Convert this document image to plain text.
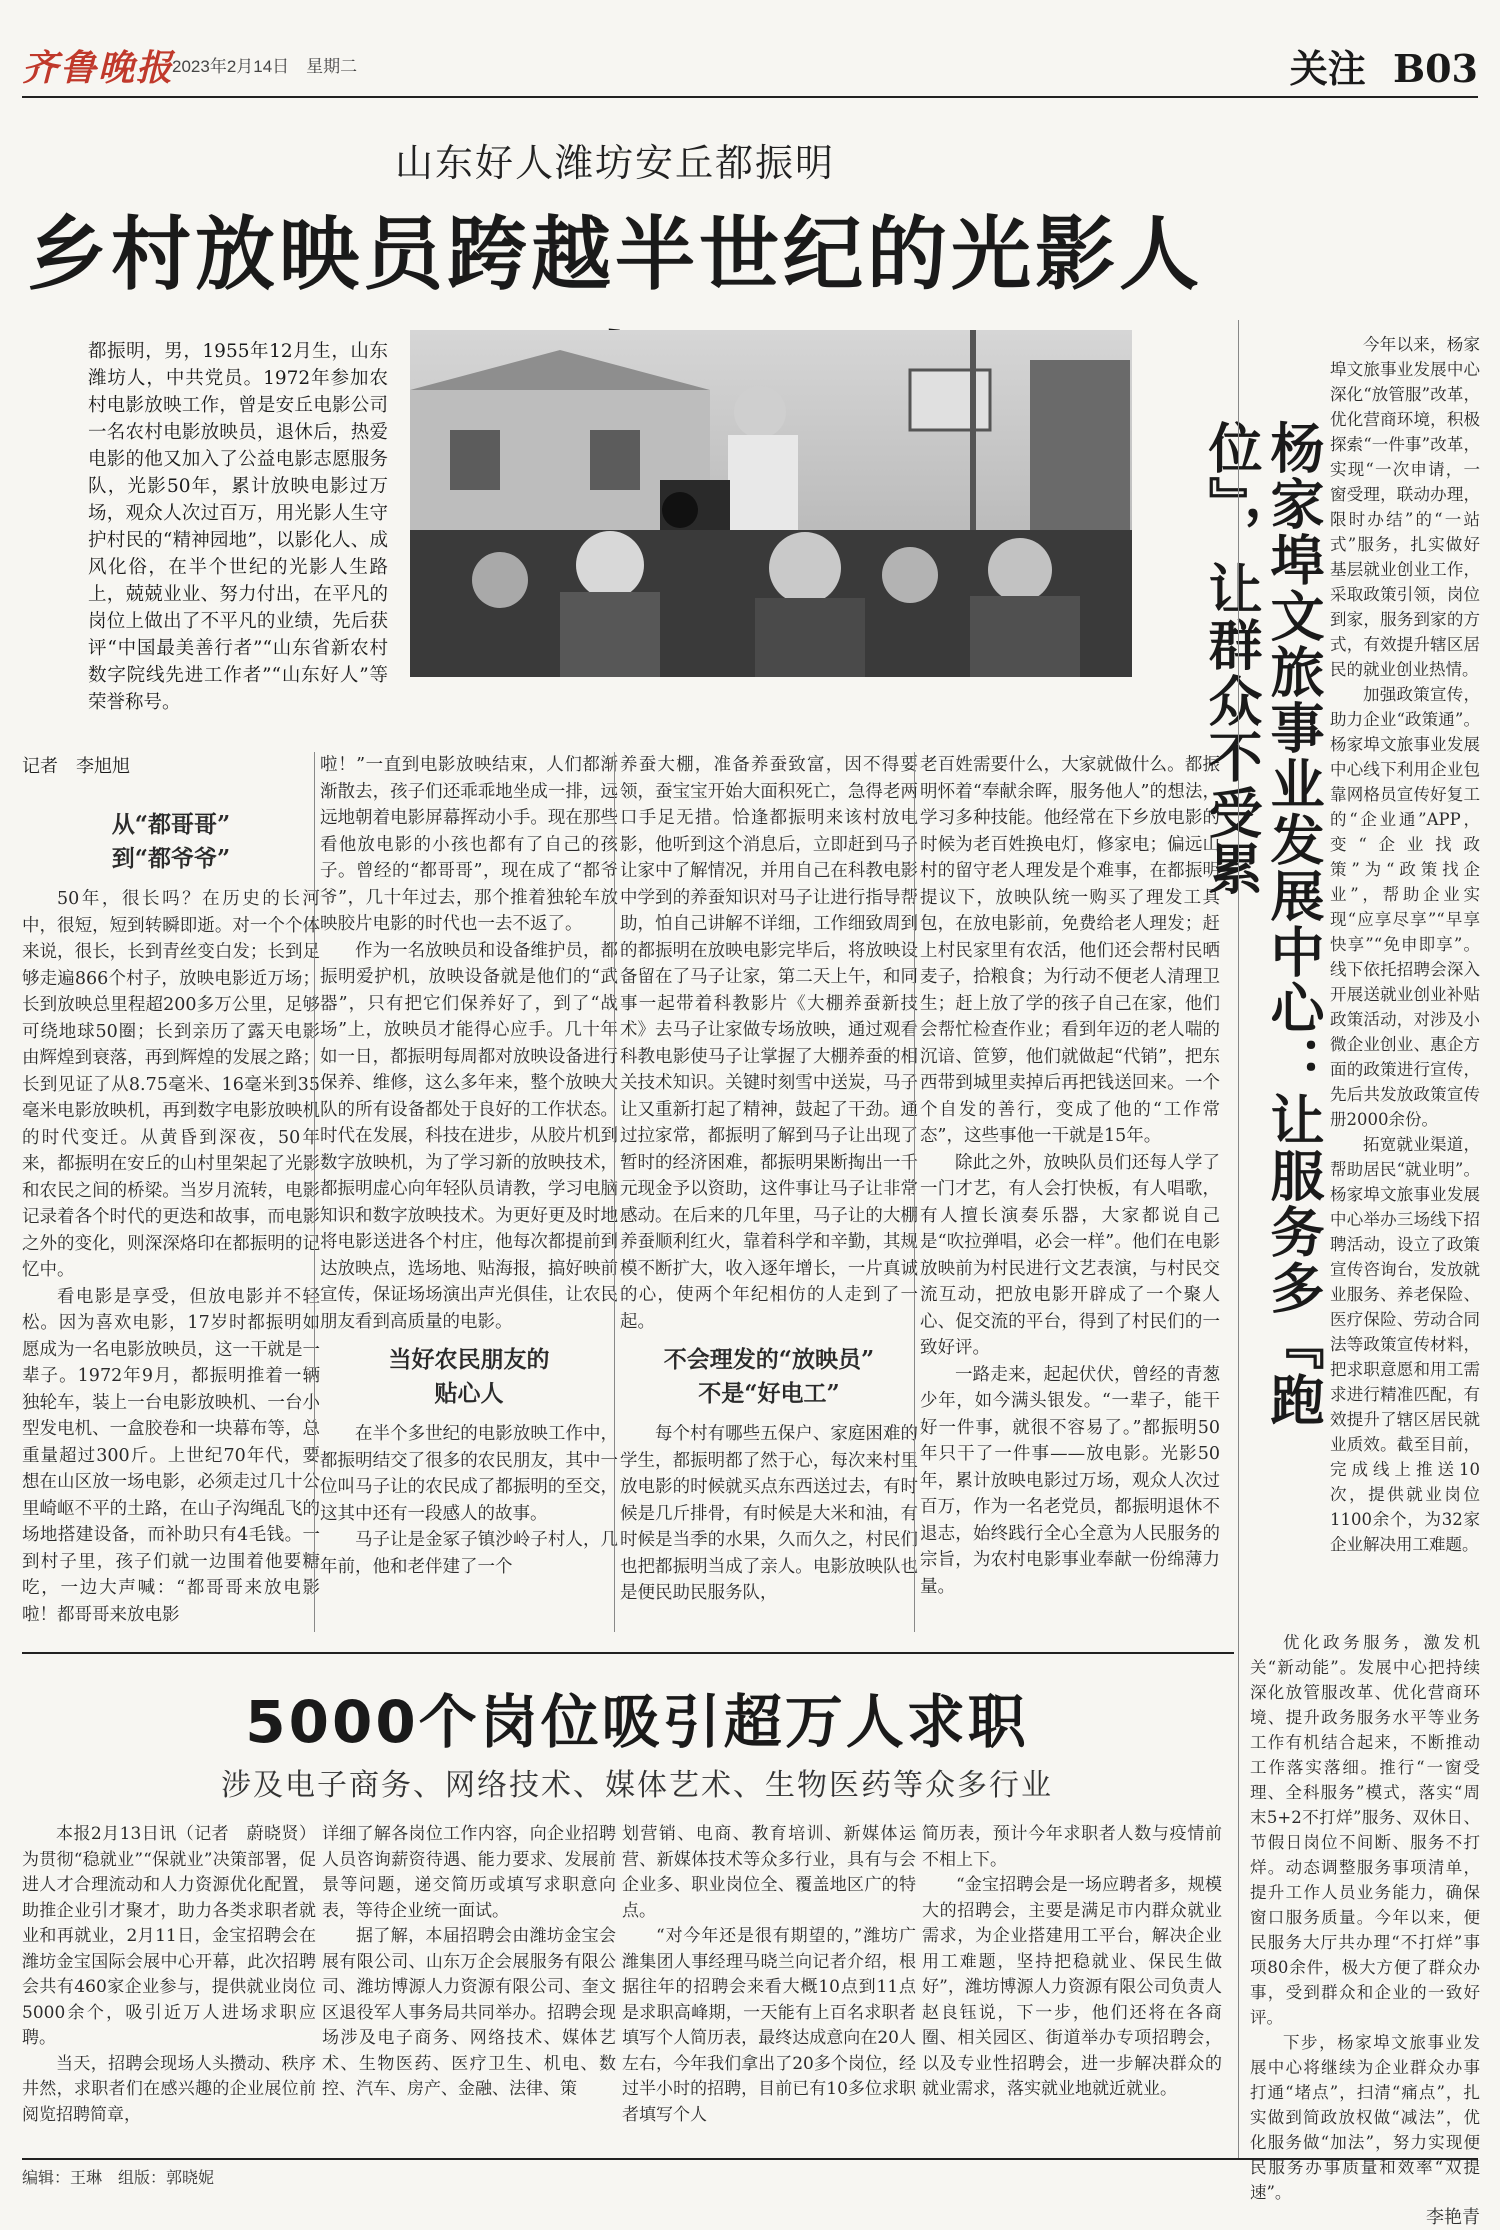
齐鲁晚报
2023年2月14日　星期二	关注 B03
山东好人潍坊安丘都振明
乡村放映员跨越半世纪的光影人
都振明，男，1955年12月生，山东潍坊人，中共党员。1972年参加农村电影放映工作，曾是安丘电影公司一名农村电影放映员，退休后，热爱电影的他又加入了公益电影志愿服务队，光影50年，累计放映电影过万场，观众人次过百万，用光影人生守护村民的“精神园地”，以影化人、成风化俗，在半个世纪的光影人生路上，兢兢业业、努力付出，在平凡的岗位上做出了不平凡的业绩，先后获评“中国最美善行者”“山东省新农村数字院线先进工作者”“山东好人”等荣誉称号。
记者　李旭旭
从“都哥哥”
到“都爷爷”

50年，很长吗？在历史的长河中，很短，短到转瞬即逝。对一个个体来说，很长，长到青丝变白发；长到足够走遍866个村子，放映电影近万场；长到放映总里程超200多万公里，足够可绕地球50圈；长到亲历了露天电影由辉煌到衰落，再到辉煌的发展之路；长到见证了从8.75毫米、16毫米到35毫米电影放映机，再到数字电影放映机的时代变迁。从黄昏到深夜，50年来，都振明在安丘的山村里架起了光影和农民之间的桥梁。当岁月流转，电影记录着各个时代的更迭和故事，而电影之外的变化，则深深烙印在都振明的记忆中。

看电影是享受，但放电影并不轻松。因为喜欢电影，17岁时都振明如愿成为一名电影放映员，这一干就是一辈子。1972年9月，都振明推着一辆独轮车，装上一台电影放映机、一台小型发电机、一盒胶卷和一块幕布等，总重量超过300斤。上世纪70年代，要想在山区放一场电影，必须走过几十公里崎岖不平的土路，在山子沟绳乱飞的场地搭建设备，而补助只有4毛钱。一到村子里，孩子们就一边围着他要糖吃，一边大声喊：“都哥哥来放电影啦！都哥哥来放电影

啦！”一直到电影放映结束，人们都渐渐散去，孩子们还乖乖地坐成一排，远远地朝着电影屏幕挥动小手。现在那些看他放电影的小孩也都有了自己的孩子。曾经的“都哥哥”，现在成了“都爷爷”，几十年过去，那个推着独轮车放映胶片电影的时代也一去不返了。

作为一名放映员和设备维护员，都振明爱护机，放映设备就是他们的“武器”，只有把它们保养好了，到了“战场”上，放映员才能得心应手。几十年如一日，都振明每周都对放映设备进行保养、维修，这么多年来，整个放映大队的所有设备都处于良好的工作状态。时代在发展，科技在进步，从胶片机到数字放映机，为了学习新的放映技术，都振明虚心向年轻队员请教，学习电脑知识和数字放映技术。为更好更及时地将电影送进各个村庄，他每次都提前到达放映点，选场地、贴海报，搞好映前宣传，保证场场演出声光俱佳，让农民朋友看到高质量的电影。

当好农民朋友的
贴心人

在半个多世纪的电影放映工作中，都振明结交了很多的农民朋友，其中一位叫马子让的农民成了都振明的至交，这其中还有一段感人的故事。

马子让是金冢子镇沙岭子村人，几年前，他和老伴建了一个

养蚕大棚，准备养蚕致富，因不得要领，蚕宝宝开始大面积死亡，急得老两口手足无措。恰逢都振明来该村放电影，他听到这个消息后，立即赶到马子让家中了解情况，并用自己在科教电影中学到的养蚕知识对马子让进行指导帮助，怕自己讲解不详细，工作细致周到的都振明在放映电影完毕后，将放映设备留在了马子让家，第二天上午，和同事一起带着科教影片《大棚养蚕新技术》去马子让家做专场放映，通过观看科教电影使马子让掌握了大棚养蚕的相关技术知识。关键时刻雪中送炭，马子让又重新打起了精神，鼓起了干劲。通过拉家常，都振明了解到马子让出现了暂时的经济困难，都振明果断掏出一千元现金予以资助，这件事让马子让非常感动。在后来的几年里，马子让的大棚养蚕顺利红火，靠着科学和辛勤，其规模不断扩大，收入逐年增长，一片真诚的心，使两个年纪相仿的人走到了一起。

不会理发的“放映员”
不是“好电工”

每个村有哪些五保户、家庭困难的学生，都振明都了然于心，每次来村里放电影的时候就买点东西送过去，有时候是几斤排骨，有时候是大米和油，有时候是当季的水果，久而久之，村民们也把都振明当成了亲人。电影放映队也是便民助民服务队，

老百姓需要什么，大家就做什么。都振明怀着“奉献余晖，服务他人”的想法，学习多种技能。他经常在下乡放电影的时候为老百姓换电灯，修家电；偏远山村的留守老人理发是个难事，在都振明提议下，放映队统一购买了理发工具包，在放电影前，免费给老人理发；赶上村民家里有农活，他们还会帮村民晒麦子，拾粮食；为行动不便老人清理卫生；赶上放了学的孩子自己在家，他们会帮忙检查作业；看到年迈的老人喘的沉谙、笸箩，他们就做起“代销”，把东西带到城里卖掉后再把钱送回来。一个个自发的善行，变成了他的“工作常态”，这些事他一干就是15年。

除此之外，放映队员们还每人学了一门才艺，有人会打快板，有人唱歌，有人擅长演奏乐器，大家都说自己是“吹拉弹唱，必会一样”。他们在电影放映前为村民进行文艺表演，与村民交流互动，把放电影开辟成了一个聚人心、促交流的平台，得到了村民们的一致好评。

一路走来，起起伏伏，曾经的青葱少年，如今满头银发。“一辈子，能干好一件事，就很不容易了。”都振明50年只干了一件事——放电影。光影50年，累计放映电影过万场，观众人次过百万，作为一名老党员，都振明退休不退志，始终践行全心全意为人民服务的宗旨，为农村电影事业奉献一份绵薄力量。

杨家埠文旅事业发展中心：让服务多『跑位』，让群众不受累

今年以来，杨家埠文旅事业发展中心深化“放管服”改革，优化营商环境，积极探索“一件事”改革，实现“一次申请，一窗受理，联动办理，限时办结”的“一站式”服务，扎实做好基层就业创业工作，采取政策引领，岗位到家，服务到家的方式，有效提升辖区居民的就业创业热情。

加强政策宣传，助力企业“政策通”。杨家埠文旅事业发展中心线下利用企业包靠网格员宣传好复工的“企业通”APP，变“企业找政策”为“政策找企业”，帮助企业实现“应享尽享”“早享快享”“免申即享”。线下依托招聘会深入开展送就业创业补贴政策活动，对涉及小微企业创业、惠企方面的政策进行宣传，先后共发放政策宣传册2000余份。

拓宽就业渠道，帮助居民“就业明”。杨家埠文旅事业发展中心举办三场线下招聘活动，设立了政策宣传咨询台，发放就业服务、养老保险、医疗保险、劳动合同法等政策宣传材料，把求职意愿和用工需求进行精准匹配，有效提升了辖区居民就业质效。截至目前，完成线上推送10次，提供就业岗位1100余个，为32家企业解决用工难题。

优化政务服务，激发机关“新动能”。发展中心把持续深化放管服改革、优化营商环境、提升政务服务水平等业务工作有机结合起来，不断推动工作落实落细。推行“一窗受理、全科服务”模式，落实“周末5+2不打烊”服务、双休日、节假日岗位不间断、服务不打烊。动态调整服务事项清单，提升工作人员业务能力，确保窗口服务质量。今年以来，便民服务大厅共办理“不打烊”事项80余件，极大方便了群众办事，受到群众和企业的一致好评。

下步，杨家埠文旅事业发展中心将继续为企业群众办事打通“堵点”，扫清“痛点”，扎实做到简政放权做“减法”，优化服务做“加法”，努力实现便民服务办事质量和效率“双提速”。

李艳青
5000个岗位吸引超万人求职
涉及电子商务、网络技术、媒体艺术、生物医药等众多行业

本报2月13日讯（记者　蔚晓贤）为贯彻“稳就业”“保就业”决策部署，促进人才合理流动和人力资源优化配置，助推企业引才聚才，助力各类求职者就业和再就业，2月11日，金宝招聘会在潍坊金宝国际会展中心开幕，此次招聘会共有460家企业参与，提供就业岗位5000余个，吸引近万人进场求职应聘。

当天，招聘会现场人头攒动、秩序井然，求职者们在感兴趣的企业展位前阅览招聘简章，

详细了解各岗位工作内容，向企业招聘人员咨询薪资待遇、能力要求、发展前景等问题，递交简历或填写求职意向表，等待企业统一面试。

据了解，本届招聘会由潍坊金宝会展有限公司、山东万企会展服务有限公司、潍坊博源人力资源有限公司、奎文区退役军人事务局共同举办。招聘会现场涉及电子商务、网络技术、媒体艺术、生物医药、医疗卫生、机电、数控、汽车、房产、金融、法律、策

划营销、电商、教育培训、新媒体运营、新媒体技术等众多行业，具有与会企业多、职业岗位全、覆盖地区广的特点。

“对今年还是很有期望的，”潍坊广潍集团人事经理马晓兰向记者介绍，根据往年的招聘会来看大概10点到11点是求职高峰期，一天能有上百名求职者填写个人简历表，最终达成意向在20人左右，今年我们拿出了20多个岗位，经过半小时的招聘，目前已有10多位求职者填写个人

简历表，预计今年求职者人数与疫情前不相上下。

“金宝招聘会是一场应聘者多，规模大的招聘会，主要是满足市内群众就业需求，为企业搭建用工平台，解决企业用工难题，坚持把稳就业、保民生做好”，潍坊博源人力资源有限公司负责人赵良钰说，下一步，他们还将在各商圈、相关园区、街道举办专项招聘会，以及专业性招聘会，进一步解决群众的就业需求，落实就业地就近就业。

编辑：王琳　组版：郭晓妮
